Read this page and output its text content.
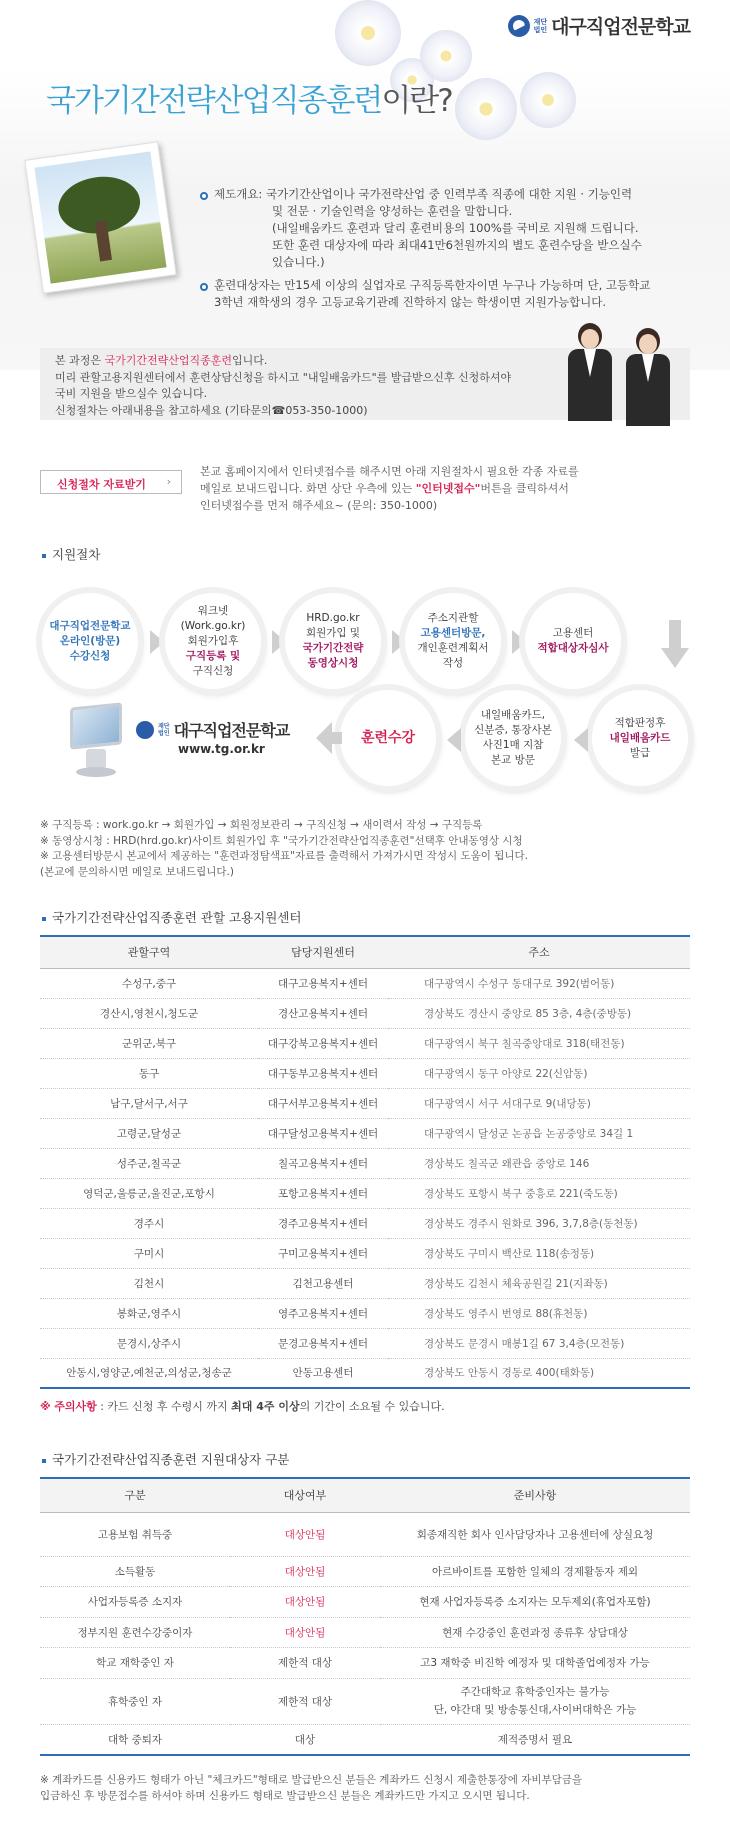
재단
법인 대구직업전문학교
국가기간전략산업직종훈련이란?
제도개요: 국가기간산업이나 국가전략산업 중 인력부족 직종에 대한 지원 · 기능인력
및 전문 · 기술인력을 양성하는 훈련을 말합니다.
(내일배움카드 훈련과 달리 훈련비용의 100%를 국비로 지원해 드립니다.
또한 훈련 대상자에 따라 최대41만6천원까지의 별도 훈련수당을 받으실수
있습니다.)
훈련대상자는 만15세 이상의 실업자로 구직등록한자이면 누구나 가능하며 단, 고등학교
3학년 재학생의 경우 고등교육기관례 진학하지 않는 학생이면 지원가능합니다.

본 과정은 국가기간전략산업직종훈련입니다.

미리 관할고용지원센터에서 훈련상담신청을 하시고 "내일배움카드"를 발급받으신후 신청하셔야

국비 지원을 받으실수 있습니다.

신청절차는 아래내용을 참고하세요 (기타문의☎053-350-1000)

신청절차 자료받기 ›
본교 홈페이지에서 인터넷접수를 해주시면 아래 지원절차시 필요한 각종 자료를
메일로 보내드립니다. 화면 상단 우측에 있는 "인터넷접수"버튼을 클릭하셔서
인터넷접수를 먼저 해주세요~ (문의: 350-1000)
지원절차
대구직업전문학교
온라인(방문)
수강신청
워크넷
(Work.go.kr)
회원가입후
구직등록 및
구직신청
HRD.go.kr
회원가입 및
국가기간전략
동영상시청
주소지관할
고용센터방문,
개인훈련계획서
작성
고용센터
적합대상자심사
적합판정후
내일배움카드
발급
내일배움카드,
신분증, 통장사본
사진1매 지참
본교 방문
훈련수강
재단
법인 대구직업전문학교
www.tg.or.kr
※ 구직등록 : work.go.kr → 회원가입 → 회원정보관리 → 구직신청 → 새이력서 작성 → 구직등록
※ 동영상시청 : HRD(hrd.go.kr)사이트 회원가입 후 "국가기간전략산업직종훈련"선택후 안내동영상 시청
※ 고용센터방문시 본교에서 제공하는 "훈련과정탐색표"자료를 출력해서 가져가시면 작성시 도움이 됩니다.
(본교에 문의하시면 메일로 보내드립니다.)
국가기간전략산업직종훈련 관할 고용지원센터
관할구역	담당지원센터	주소
수성구,중구	대구고용복지+센터	대구광역시 수성구 동대구로 392(범어동)
경산시,영천시,청도군	경산고용복지+센터	경상북도 경산시 중앙로 85 3층, 4층(중방동)
군위군,북구	대구강북고용복지+센터	대구광역시 북구 칠곡중앙대로 318(태전동)
동구	대구동부고용복지+센터	대구광역시 동구 아양로 22(신암동)
남구,달서구,서구	대구서부고용복지+센터	대구광역시 서구 서대구로 9(내당동)
고령군,달성군	대구달성고용복지+센터	대구광역시 달성군 논공읍 논공중앙로 34길 1
성주군,칠곡군	칠곡고용복지+센터	경상북도 칠곡군 왜관읍 중앙로 146
영덕군,울릉군,울진군,포항시	포항고용복지+센터	경상북도 포항시 북구 중흥로 221(죽도동)
경주시	경주고용복지+센터	경상북도 경주시 원화로 396, 3,7,8층(동천동)
구미시	구미고용복지+센터	경상북도 구미시 백산로 118(송정동)
김천시	김천고용센터	경상북도 김천시 체육공원길 21(지좌동)
봉화군,영주시	영주고용복지+센터	경상북도 영주시 번영로 88(휴천동)
문경시,상주시	문경고용복지+센터	경상북도 문경시 매봉1길 67 3,4층(모전동)
안동시,영양군,예천군,의성군,청송군	안동고용센터	경상북도 안동시 경동로 400(태화동)
※ 주의사항 : 카드 신청 후 수령시 까지 최대 4주 이상의 기간이 소요될 수 있습니다.
국가기간전략산업직종훈련 지원대상자 구분
구분	대상여부	준비사항
고용보험 취득중	대상안됨	회종재직한 회사 인사담당자나 고용센터에 상실요청
소득활동	대상안됨	아르바이트를 포함한 일체의 경제활동자 제외
사업자등록증 소지자	대상안됨	현재 사업자등록증 소지자는 모두제외(휴업자포함)
정부지원 훈련수강중이자	대상안됨	현재 수강중인 훈련과정 종류후 상담대상
학교 재학중인 자	제한적 대상	고3 재학중 비진학 예정자 및 대학졸업예정자 가능
휴학중인 자	제한적 대상	주간대학교 휴학중인자는 불가능
단, 야간대 및 방송통신대,사이버대학은 가능
대학 중퇴자	대상	제적증명서 필요
※ 계좌카드를 신용카드 형태가 아닌 "체크카드"형태로 발급받으신 분들은 계좌카드 신청시 제출한통장에 자비부담금을
입금하신 후 방문접수를 하셔야 하며 신용카드 형태로 발급받으신 분들은 계좌카드만 가지고 오시면 됩니다.
